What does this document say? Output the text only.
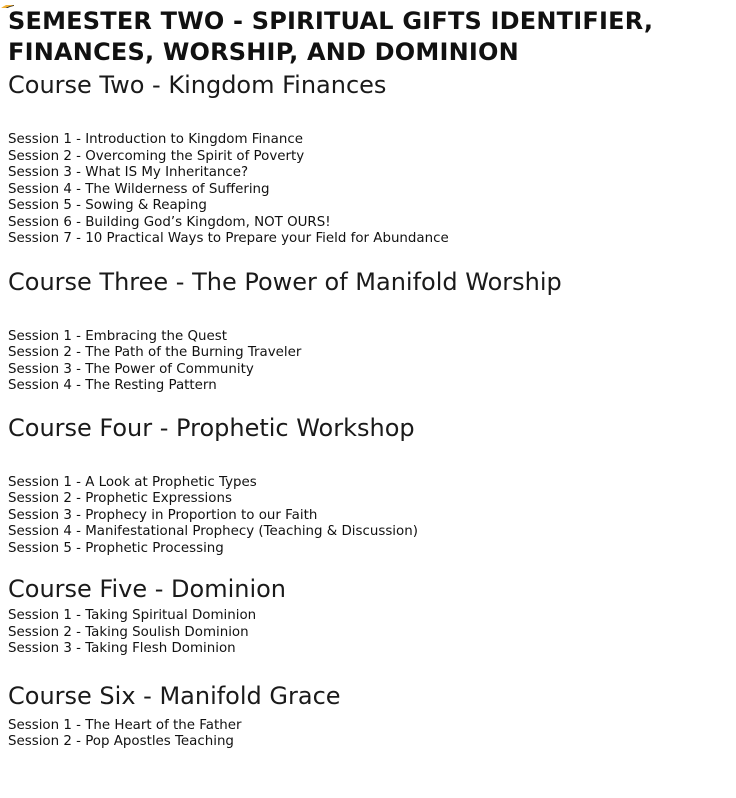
SEMESTER TWO - SPIRITUAL GIFTS IDENTIFIER,
FINANCES, WORSHIP, AND DOMINION
Course Two - Kingdom Finances
Session 1 - Introduction to Kingdom Finance
Session 2 - Overcoming the Spirit of Poverty
Session 3 - What IS My Inheritance?
Session 4 - The Wilderness of Suffering
Session 5 - Sowing & Reaping
Session 6 - Building God’s Kingdom, NOT OURS!
Session 7 - 10 Practical Ways to Prepare your Field for Abundance
Course Three - The Power of Manifold Worship
Session 1 - Embracing the Quest
Session 2 - The Path of the Burning Traveler
Session 3 - The Power of Community
Session 4 - The Resting Pattern
Course Four - Prophetic Workshop
Session 1 - A Look at Prophetic Types
Session 2 - Prophetic Expressions
Session 3 - Prophecy in Proportion to our Faith
Session 4 - Manifestational Prophecy (Teaching & Discussion)
Session 5 - Prophetic Processing
Course Five - Dominion
Session 1 - Taking Spiritual Dominion
Session 2 - Taking Soulish Dominion
Session 3 - Taking Flesh Dominion
Course Six - Manifold Grace
Session 1 - The Heart of the Father
Session 2 - Pop Apostles Teaching
